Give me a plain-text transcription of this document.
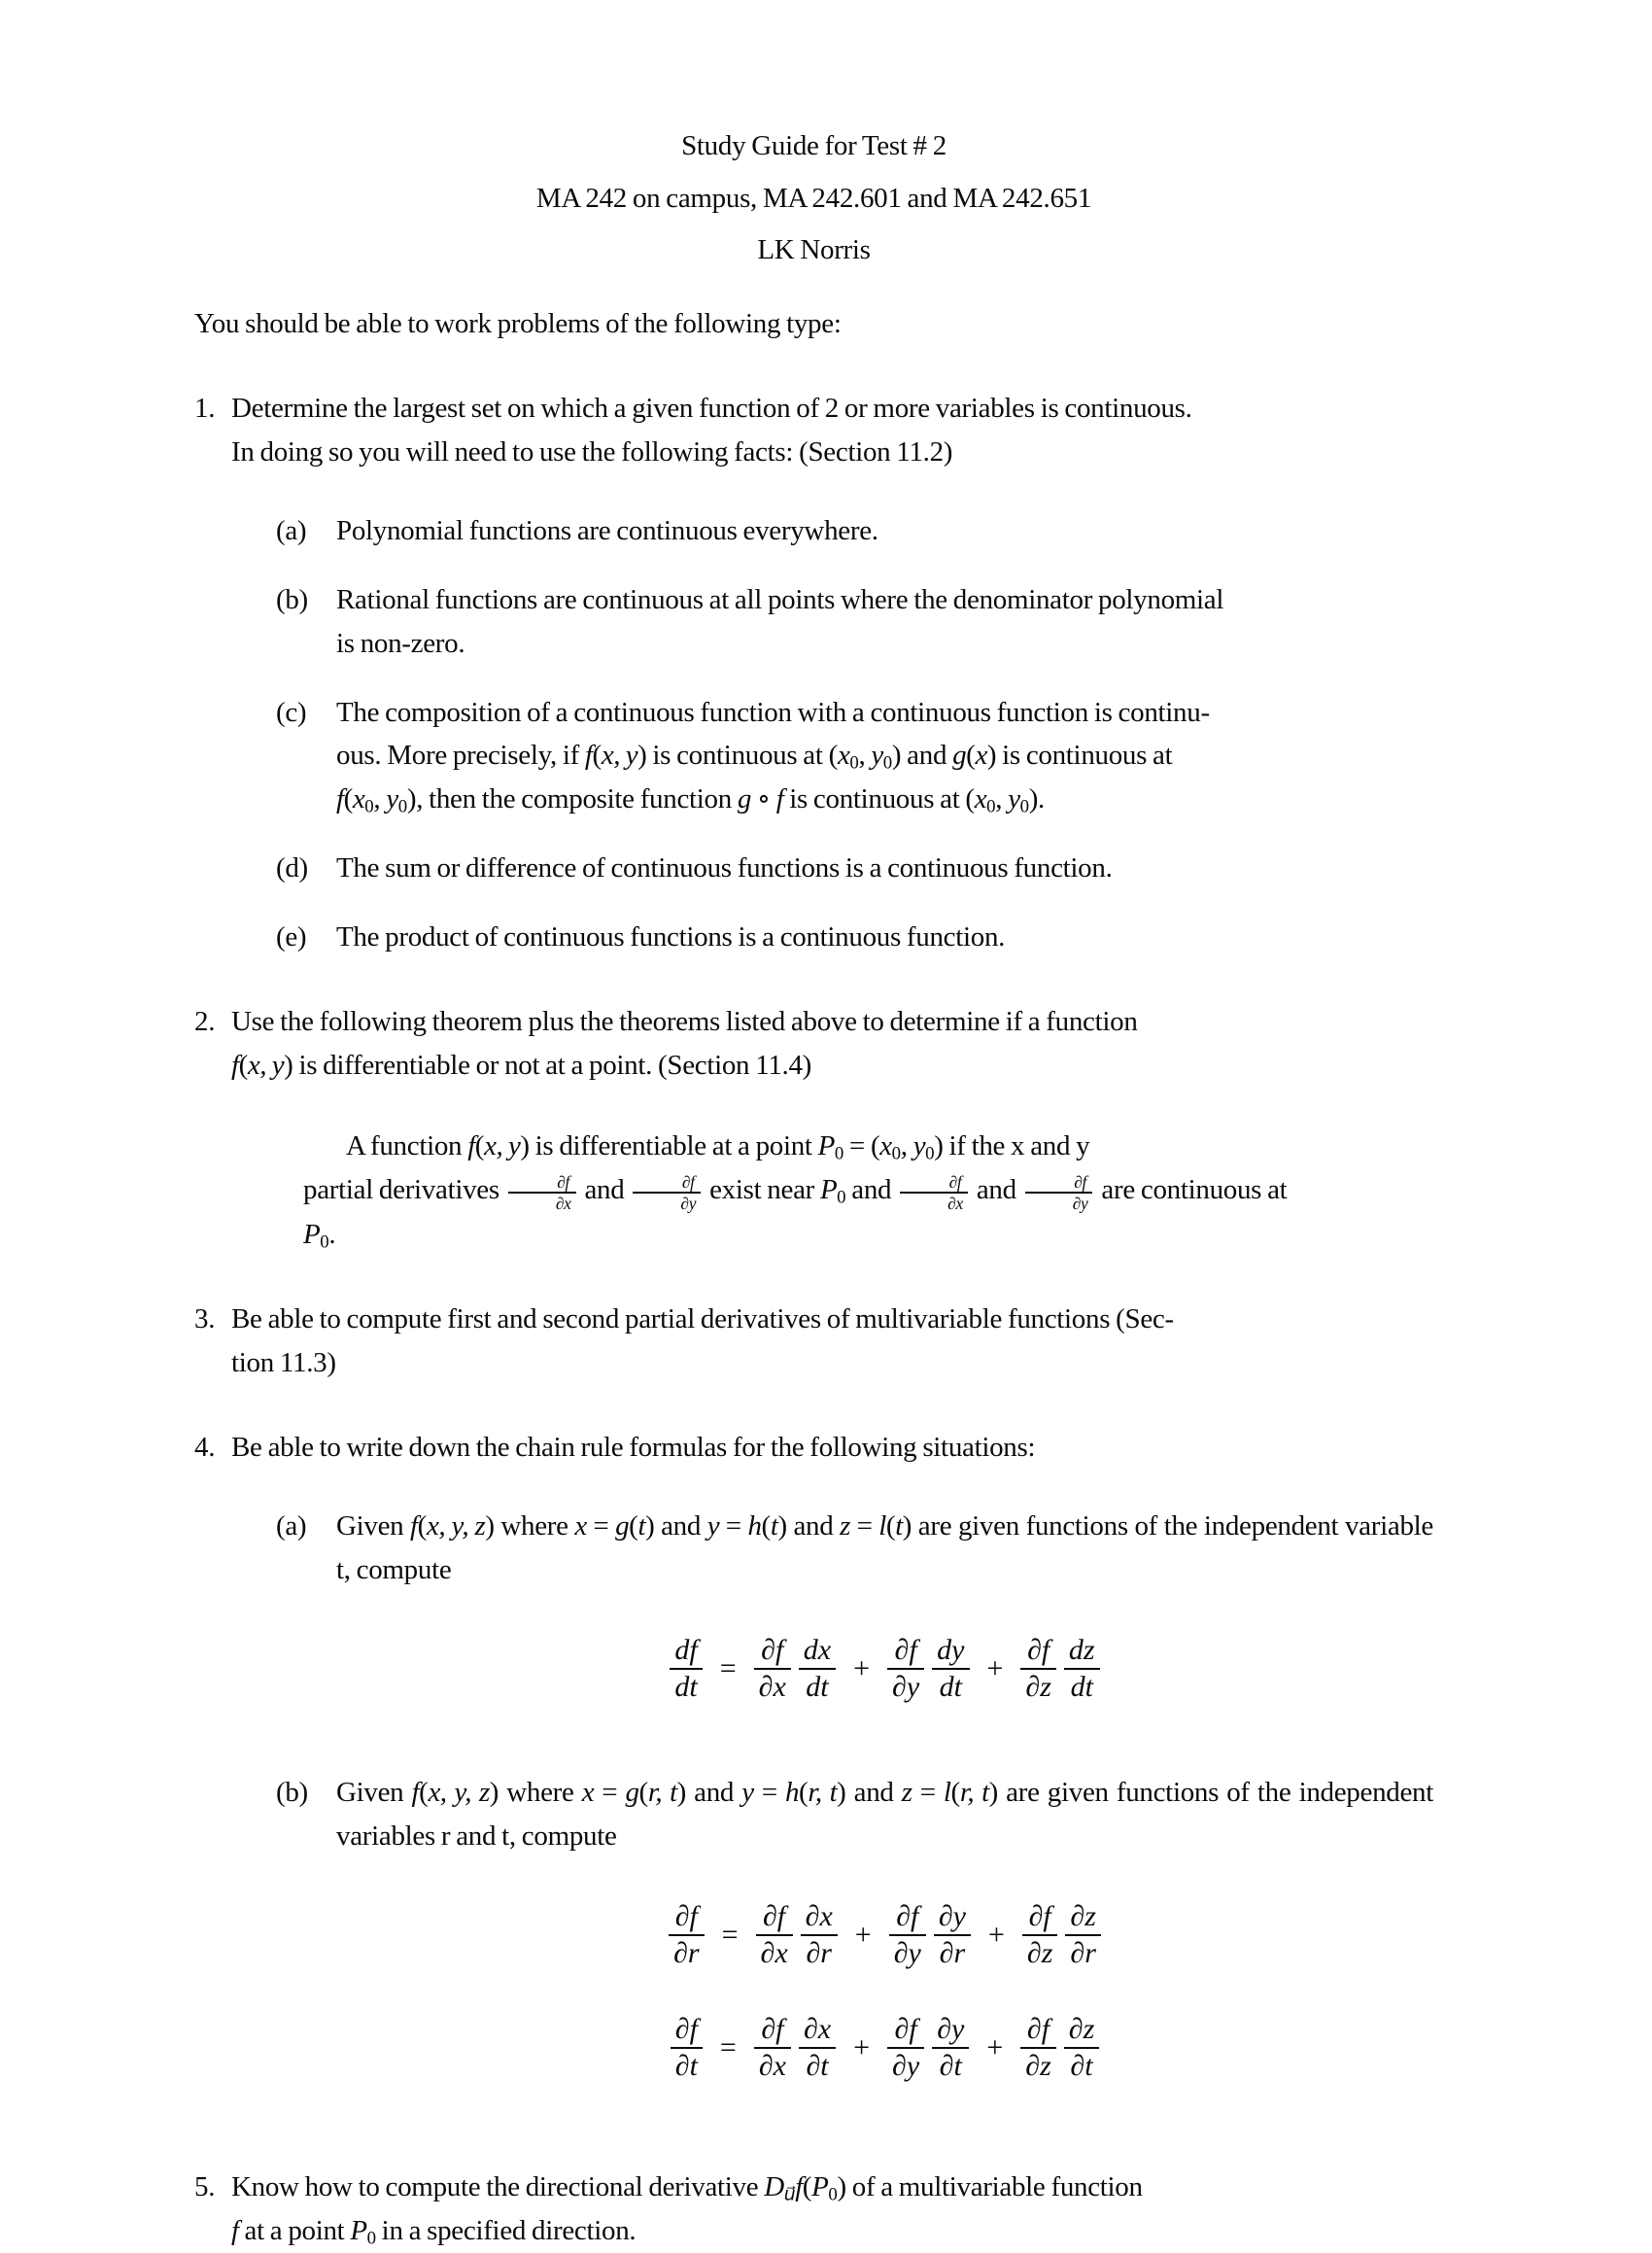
Study Guide for Test # 2
MA 242 on campus, MA 242.601 and MA 242.651
LK Norris

You should be able to work problems of the following type:

1. Determine the largest set on which a given function of 2 or more variables is continuous.
In doing so you will need to use the following facts: (Section 11.2)

(a)	Polynomial functions are continuous everywhere.

(b)	Rational functions are continuous at all points where the denominator polynomial
is non-zero.

(c)	The composition of a continuous function with a continuous function is continu-
ous. More precisely, if f(x, y) is continuous at (x0, y0) and g(x) is continuous at
f(x0, y0), then the composite function g ∘ f is continuous at (x0, y0).

(d)	The sum or difference of continuous functions is a continuous function.

(e)	The product of continuous functions is a continuous function.

2. Use the following theorem plus the theorems listed above to determine if a function
f(x, y) is differentiable or not at a point. (Section 11.4)

A function f(x, y) is differentiable at a point P0 = (x0, y0) if the x and y
partial derivatives $\frac{\partial f}{\partial x}$ and $\frac{\partial f}{\partial y}$ exist near P0 and $\frac{\partial f}{\partial x}$ and $\frac{\partial f}{\partial y}$ are continuous at
P0.

3. Be able to compute first and second partial derivatives of multivariable functions (Sec-
tion 11.3)

4. Be able to write down the chain rule formulas for the following situations:

(a)	Given f(x, y, z) where x = g(t) and y = h(t) and z = l(t) are given functions of the independent variable t, compute

$\frac{df}{dt} = \frac{\partial f}{\partial x} \frac{dx}{dt} + \frac{\partial f}{\partial y} \frac{dy}{dt} + \frac{\partial f}{\partial z} \frac{dz}{dt}$
(b)	Given f(x, y, z) where x = g(r, t) and y = h(r, t) and z = l(r, t) are given functions of the independent variables r and t, compute

$\frac{\partial f}{\partial r} = \frac{\partial f}{\partial x} \frac{\partial x}{\partial r} + \frac{\partial f}{\partial y} \frac{\partial y}{\partial r} + \frac{\partial f}{\partial z} \frac{\partial z}{\partial r}$
$\frac{\partial f}{\partial t} = \frac{\partial f}{\partial x} \frac{\partial x}{\partial t} + \frac{\partial f}{\partial y} \frac{\partial y}{\partial t} + \frac{\partial f}{\partial z} \frac{\partial z}{\partial t}$
5. Know how to compute the directional derivative Du⃗f(P0) of a multivariable function
f at a point P0 in a specified direction.
